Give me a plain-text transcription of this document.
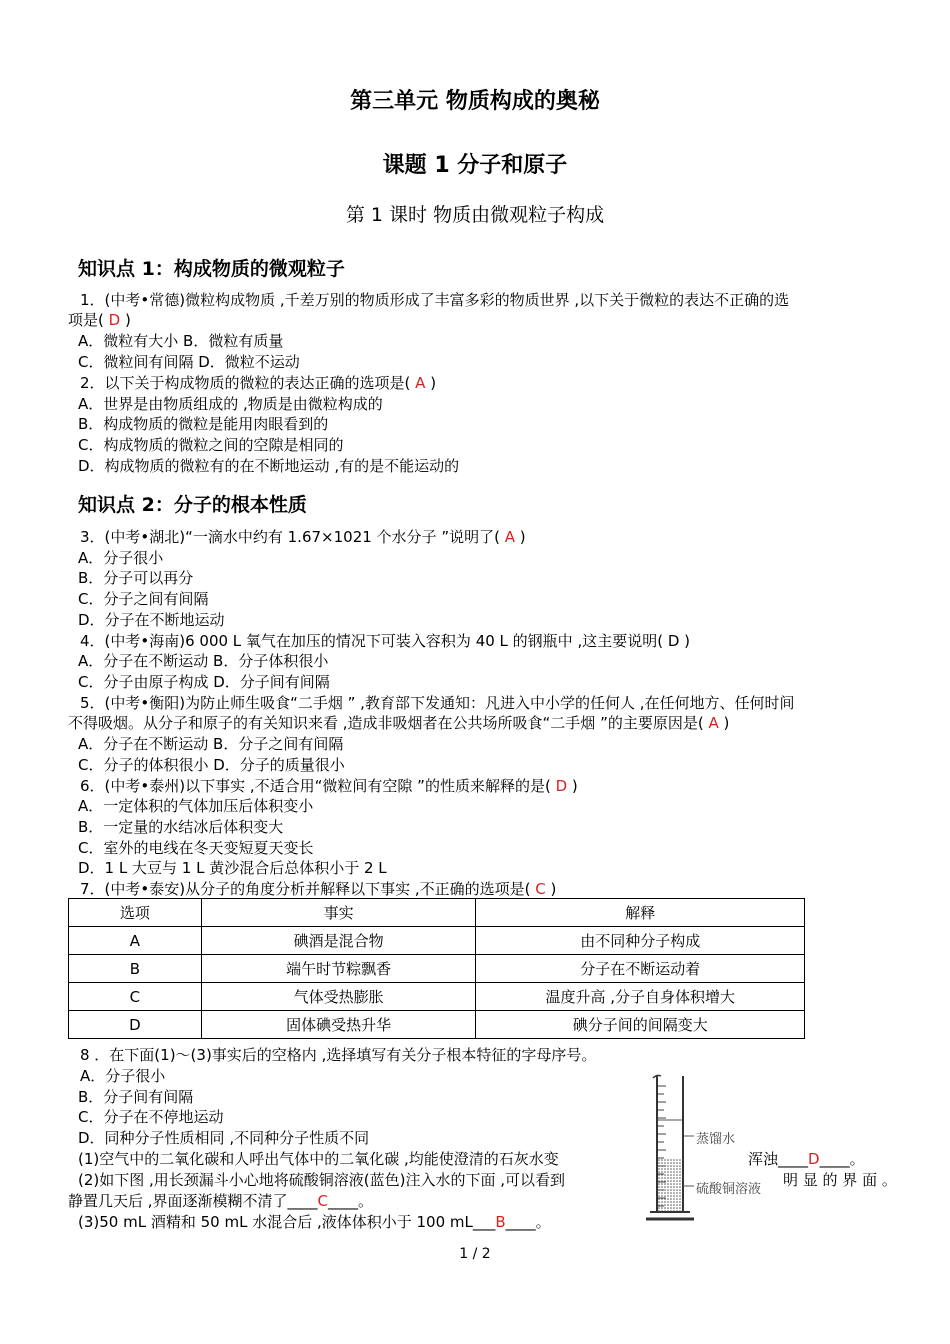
第三单元 物质构成的奥秘
课题 1 分子和原子
第 1 课时 物质由微观粒子构成
知识点 1：构成物质的微观粒子
1．(中考•常德)微粒构成物质 ,千差万别的物质形成了丰富多彩的物质世界 ,以下关于微粒的表达不正确的选
项是( D )
A．微粒有大小 B．微粒有质量
C．微粒间有间隔 D．微粒不运动
2．以下关于构成物质的微粒的表达正确的选项是( A )
A．世界是由物质组成的 ,物质是由微粒构成的
B．构成物质的微粒是能用肉眼看到的
C．构成物质的微粒之间的空隙是相同的
D．构成物质的微粒有的在不断地运动 ,有的是不能运动的
知识点 2：分子的根本性质
3．(中考•湖北)“一滴水中约有 1.67×1021 个水分子 ”说明了( A )
A．分子很小
B．分子可以再分
C．分子之间有间隔
D．分子在不断地运动
4．(中考•海南)6 000 L 氧气在加压的情况下可装入容积为 40 L 的钢瓶中 ,这主要说明( D )
A．分子在不断运动 B．分子体积很小
C．分子由原子构成 D．分子间有间隔
5．(中考•衡阳)为防止师生吸食“二手烟 ” ,教育部下发通知：凡进入中小学的任何人 ,在任何地方、任何时间
不得吸烟。从分子和原子的有关知识来看 ,造成非吸烟者在公共场所吸食“二手烟 ”的主要原因是( A )
A．分子在不断运动 B．分子之间有间隔
C．分子的体积很小 D．分子的质量很小
6．(中考•泰州)以下事实 ,不适合用“微粒间有空隙 ”的性质来解释的是( D )
A．一定体积的气体加压后体积变小
B．一定量的水结冰后体积变大
C．室外的电线在冬天变短夏天变长
D．1 L 大豆与 1 L 黄沙混合后总体积小于 2 L
7．(中考•泰安)从分子的角度分析并解释以下事实 ,不正确的选项是( C )
选项	事实	解释
A	碘酒是混合物	由不同种分子构成
B	端午时节粽飘香	分子在不断运动着
C	气体受热膨胀	温度升高 ,分子自身体积增大
D	固体碘受热升华	碘分子间的间隔变大
8 ．在下面(1)～(3)事实后的空格内 ,选择填写有关分子根本特征的字母序号。
A．分子很小
B．分子间有间隔
C．分子在不停地运动
D．同种分子性质相同 ,不同种分子性质不同
(1)空气中的二氧化碳和人呼出气体中的二氧化碳 ,均能使澄清的石灰水变	浑浊____D____。
(2)如下图 ,用长颈漏斗小心地将硫酸铜溶液(蓝色)注入水的下面 ,可以看到	明 显 的 界 面 。
静置几天后 ,界面逐渐模糊不清了____C____。
(3)50 mL 酒精和 50 mL 水混合后 ,液体体积小于 100 mL___B____。
蒸馏水
硫酸铜溶液
1 / 2
